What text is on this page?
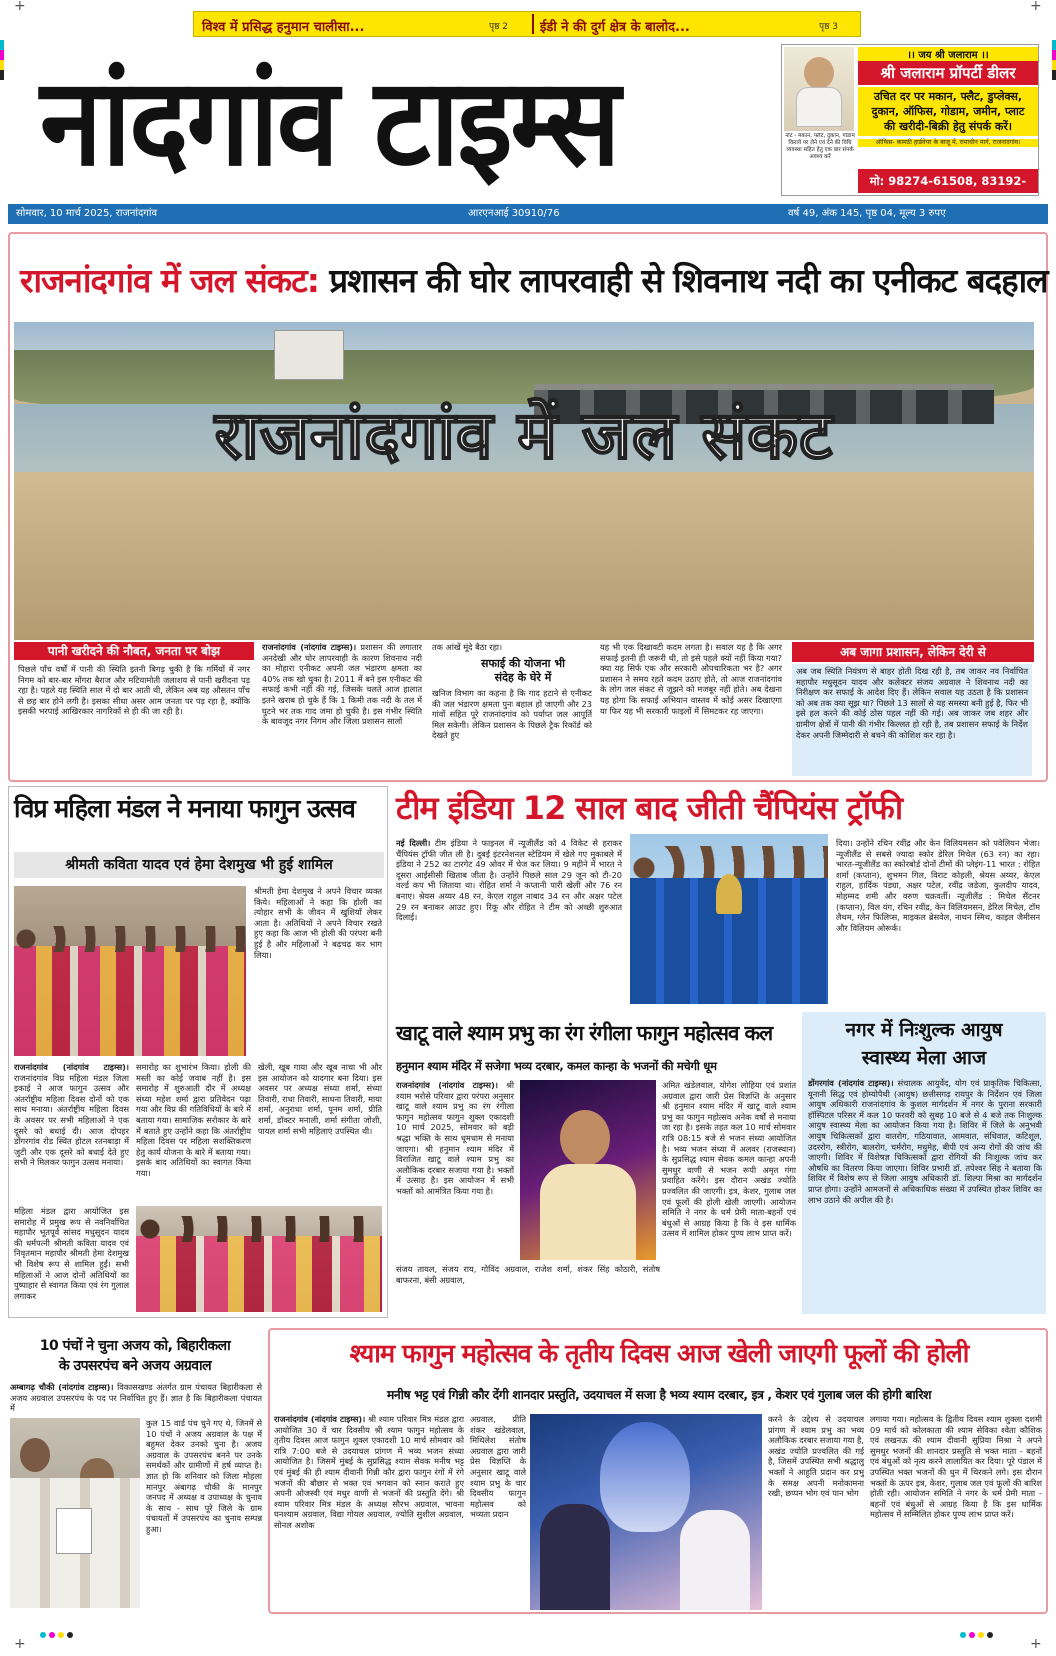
विश्व में प्रसिद्ध हनुमान चालीसा...	पृष्ठ 2 ईडी ने की दुर्ग क्षेत्र के बालोद...	पृष्ठ 3
+	+
+	+
नांदगांव टाइम्स	नोट - मकान, फ्लैट, दुकान, गोडाम किराये पर लेने एवं देने की विधि व्यवस्था सहित हेतु एक बार संपर्क अवश्य करें
।। जय श्री जलाराम ।।
श्री जलाराम प्रॉपर्टी डीलर
उचित दर पर मकान, फ्लैट, डुप्लेक्स,
दुकान, ऑफिस, गोडाम, जमीन, प्लाट
की खरीदी-बिक्री हेतु संपर्क करें।
ऑफिस- कामठी हार्डवेयर के बाजू में, रामाधीन मार्ग, राजनांदगांव।
मो: 98274-61508, 83192-
सोमवार, 10 मार्च 2025, राजनांदगांव	आरएनआई 30910/76	वर्ष 49, अंक 145, पृष्ठ 04, मूल्य 3 रुपए
राजनांदगांव में जल संकट: प्रशासन की घोर लापरवाही से शिवनाथ नदी का एनीकट बदहाल
राजनांदगांव में जल संकट
पानी खरीदने की नौबत, जनता पर बोझ
पिछले पाँच वर्षों में पानी की स्थिति इतनी बिगड़ चुकी है कि गर्मियों में नगर निगम को बार-बार मोंगरा बैराज और मटियामोती जलाशय से पानी खरीदना पड़ रहा है। पहले यह स्थिति साल में दो बार आती थी, लेकिन अब यह औसतन पाँच से छह बार होने लगी है। इसका सीधा असर आम जनता पर पड़ रहा है, क्योंकि इसकी भरपाई आखिरकार नागरिकों से ही की जा रही है।
राजनांदगांव (नांदगांव टाइम्स)। प्रशासन की लगातार अनदेखी और घोर लापरवाही के कारण शिवनाथ नदी का मोहारा एनीकट अपनी जल भंडारण क्षमता का 40% तक खो चुका है। 2011 में बने इस एनीकट की सफाई कभी नहीं की गई, जिसके चलते आज हालात इतने खराब हो चुके हैं कि 1 किमी तक नदी के तल में घुटने भर तक गाद जमा हो चुकी है। इस गंभीर स्थिति के बावजूद नगर निगम और जिला प्रशासन सालों
तक आंखें मूंदे बैठा रहा।
सफाई की योजना भी संदेह के घेरे में
खनिज विभाग का कहना है कि गाद हटाने से एनीकट की जल भंडारण क्षमता पुनः बहाल हो जाएगी और 23 गांवों सहित पूरे राजनांदगांव को पर्याप्त जल आपूर्ति मिल सकेगी। लेकिन प्रशासन के पिछले ट्रैक रिकॉर्ड को देखते हुए
यह भी एक दिखावटी कदम लगता है। सवाल यह है कि अगर सफाई इतनी ही जरूरी थी, तो इसे पहले क्यों नहीं किया गया? क्या यह सिर्फ एक और सरकारी औपचारिकता भर है? अगर प्रशासन ने समय रहते कदम उठाए होते, तो आज राजनांदगांव के लोग जल संकट से जूझने को मजबूर नहीं होते। अब देखना यह होगा कि सफाई अभियान वास्तव में कोई असर दिखाएगा या फिर यह भी सरकारी फाइलों में सिमटकर रह जाएगा।
अब जागा प्रशासन, लेकिन देरी से
अब जब स्थिति नियंत्रण से बाहर होती दिख रही है, तब जाकर नव निर्वाचित महापौर मधुसूदन यादव और कलेक्टर संजय अग्रवाल ने शिवनाथ नदी का निरीक्षण कर सफाई के आदेश दिए हैं। लेकिन सवाल यह उठता है कि प्रशासन को अब तक क्या सूझ था? पिछले 13 सालों से यह समस्या बनी हुई है, फिर भी इसे हल करने की कोई ठोस पहल नहीं की गई। अब जाकर जब शहर और ग्रामीण क्षेत्रों में पानी की गंभीर किल्लत हो रही है, तब प्रशासन सफाई के निर्देश देकर अपनी जिम्मेदारी से बचने की कोशिश कर रहा है।
विप्र महिला मंडल ने मनाया फागुन उत्सव
श्रीमती कविता यादव एवं हेमा देशमुख भी हुई शामिल
श्रीमती हेमा देशमुख ने अपने विचार व्यक्त किये। महिलाओं ने कहा कि होली का त्योहार सभी के जीवन में खुशियाँ लेकर आता है। अतिथियों ने अपने विचार रखते हुए कहा कि आज भी होली की परंपरा बनी हुई है और महिलाओं ने बढ़चढ़ कर भाग लिया।
राजनांदगांव (नांदगांव टाइम्स)। राजनांदगांव विप्र महिला मंडल जिला इकाई ने आज फागुन उत्सव और अंतर्राष्ट्रीय महिला दिवस दोनों को एक साथ मनाया। अंतर्राष्ट्रीय महिला दिवस के अवसर पर सभी महिलाओं ने एक दूसरे को बधाई दी। आज दोपहर डोंगरगांव रोड स्थित होटल रतनबाड़ा में जुटी और एक दूसरे को बधाई देते हुए सभी ने मिलकर फागुन उत्सव मनाया।
समारोह का शुभारंभ किया। होली की मस्ती का कोई जवाब नहीं है। इस समारोह में शुरुआती दौर में अध्यक्ष संध्या महेश शर्मा द्वारा प्रतिवेदन पढ़ा गया और विप्र की गतिविधियों के बारे में बताया गया। सामाजिक सरोकार के बारे में बताते हुए उन्होंने कहा कि अंतर्राष्ट्रीय महिला दिवस पर महिला सशक्तिकरण हेतु कार्य योजना के बारे में बताया गया। इसके बाद अतिथियों का स्वागत किया गया।
खेली, खूब गाया और खूब नाचा भी और इस आयोजन को यादगार बना दिया। इस अवसर पर अध्यक्ष संध्या शर्मा, संध्या तिवारी, राधा तिवारी, साधना तिवारी, माया शर्मा, अनुराधा शर्मा, पूनम शर्मा, प्रीति शर्मा, डॉक्टर मनाली, शर्मा संगीता जोशी, पायल शर्मा सभी महिलाएं उपस्थित थी।
महिला मंडल द्वारा आयोजित इस समारोह में प्रमुख रूप से नवनिर्वाचित महापौर भूतपूर्व सांसद मधुसूदन यादव की धर्मपत्नी श्रीमती कविता यादव एवं निवृतमान महापौर श्रीमती हेमा देशमुख भी विशेष रूप से शामिल हुईं। सभी महिलाओं ने आज दोनों अतिथियों का पुष्पाहार से स्वागत किया एवं रंग गुलाल लगाकर
टीम इंडिया 12 साल बाद जीती चैंपियंस ट्रॉफी
नई दिल्ली। टीम इंडिया ने फाइनल में न्यूजीलैंड को 4 विकेट से हराकर चैंपियंस ट्रॉफी जीत ली है। दुबई इंटरनेशनल स्टेडियम में खेले गए मुकाबले में इंडिया ने 252 का टारगेट 49 ओवर में चेज कर लिया। 9 महीने में भारत ने दूसरा आईसीसी खिताब जीता है। उन्होंने पिछले साल 29 जून को टी-20 वर्ल्ड कप भी जिताया था। रोहित शर्मा ने कप्तानी पारी खेली और 76 रन बनाए। श्रेयस अय्यर 48 रन, केएल राहुल नाबाद 34 रन और अक्षर पटेल 29 रन बनाकर आउट हुए। रिंकू और रोहित ने टीम को अच्छी शुरुआत दिलाई।
दिया। उन्होंने रचिन रवींद्र और केन विलियमसन को पवेलियन भेजा। न्यूजीलैंड से सबसे ज्यादा स्कोर डेरिल मिचेल (63 रन) का रहा। भारत-न्यूजीलैंड का स्कोरबोर्ड दोनों टीमों की प्लेइंग-11 भारत : रोहित शर्मा (कप्तान), शुभमन गिल, विराट कोहली, श्रेयस अय्यर, केएल राहुल, हार्दिक पंड्या, अक्षर पटेल, रवींद्र जडेजा, कुलदीप यादव, मोहम्मद शमी और वरुण चक्रवर्ती। न्यूजीलैंड : मिचेल सैंटनर (कप्तान), विल यंग, रचिन रवींद्र, केन विलियमसन, डेरिल मिचेल, टॉम लैथम, ग्लेन फिलिप्स, माइकल ब्रेसवेल, नाथन स्मिथ, काइल जैमीसन और विलियम ओरूर्क।
खाटू वाले श्याम प्रभु का रंग रंगीला फागुन महोत्सव कल
हनुमान श्याम मंदिर में सजेगा भव्य दरबार, कमल कान्हा के भजनों की मचेगी धूम
राजनांदगांव (नांदगांव टाइम्स)। श्री श्याम भरोसे परिवार द्वारा परंपरा अनुसार खाटू वाले श्याम प्रभु का रंग रंगीला फागुन महोत्सव फागुन शुक्ल एकादशी 10 मार्च 2025, सोमवार को बड़ी श्रद्धा भक्ति के साथ धूमधाम से मनाया जाएगा। श्री हनुमान श्याम मंदिर में विराजित खाटू वाले श्याम प्रभु का अलौकिक दरबार सजाया गया है। भक्तों में उत्साह है। इस आयोजन में सभी भक्तों को आमंत्रित किया गया है।
संजय तायल, संजय राय, गोविंद अग्रवाल, राजेश शर्मा, शंकर सिंह कोठारी, संतोष बाफरना, बंसी अग्रवाल,
अमित खंडेलवाल, योगेश लोहिया एवं प्रशांत अग्रवाल द्वारा जारी प्रेस विज्ञप्ति के अनुसार श्री हनुमान श्याम मंदिर में खाटू वाले श्याम प्रभु का फागुन महोत्सव अनेक वर्षों से मनाया जा रहा है। इसके तहत कल 10 मार्च सोमवार रात्रि 08:15 बजे से भजन संध्या आयोजित है। भव्य भजन संध्या में अलवर (राजस्थान) के सुप्रसिद्ध श्याम सेवक कमल कान्हा अपनी सुमधुर वाणी से भजन रूपी अमृत गंगा प्रवाहित करेंगे। इस दौरान अखंड ज्योति प्रज्वलित की जाएगी। इत्र, केशर, गुलाब जल एवं फूलों की होली खेली जाएगी। आयोजन समिति ने नगर के धर्म प्रेमी माता-बहनों एवं बंधुओं से आग्रह किया है कि वे इस धार्मिक उत्सव में शामिल होकर पुण्य लाभ प्राप्त करें।
नगर में निःशुल्क आयुष
स्वास्थ्य मेला आज
डोंगरगांव (नांदगांव टाइम्स)। संचालक आयुर्वेद, योग एवं प्राकृतिक चिकित्सा, यूनानी सिद्ध एवं होम्योपैथी (आयुष) छत्तीसगढ़ रायपुर के निर्देशन एवं जिला आयुष अधिकारी राजनांदगांव के कुशल मार्गदर्शन में नगर के पुराना सरकारी हॉस्पिटल परिसर में कल 10 फरवरी को सुबह 10 बजे से 4 बजे तक निःशुल्क आयुष स्वास्थ्य मेला का आयोजन किया गया है। शिविर में जिले के अनुभवी आयुष चिकित्सकों द्वारा वातरोग, गठियावात, आमवात, संधिवात, कटिशूल, उदररोग, स्त्रीरोग, बालरोग, चर्मरोग, मधुमेह, बीपी एवं अन्य रोगों की जांच की जाएगी। शिविर में विशेषज्ञ चिकित्सकों द्वारा रोगियों की निःशुल्क जांच कर औषधि का वितरण किया जाएगा। शिविर प्रभारी डॉ. तपेश्वर सिंह ने बताया कि शिविर में विशेष रूप से जिला आयुष अधिकारी डॉ. शिल्पा मिश्रा का मार्गदर्शन प्राप्त होगा। उन्होंने आमजनों से अधिकाधिक संख्या में उपस्थित होकर शिविर का लाभ उठाने की अपील की है।
10 पंचों ने चुना अजय को, बिहारीकला
के उपसरपंच बने अजय अग्रवाल
अम्बागढ़ चौकी (नांदगांव टाइम्स)। विकासखण्ड अंतर्गत ग्राम पंचायत बिहारीकला से अजय अग्रवाल उपसरपंच के पद पर निर्वाचित हुए हैं। ज्ञात है कि बिहारीकला पंचायत में
कुल 15 वार्ड पंच चुने गए थे, जिनमें से 10 पंचों ने अजय अग्रवाल के पक्ष में बहुमत देकर उनको चुना है। अजय अग्रवाल के उपसरपंच बनने पर उनके समर्थकों और ग्रामीणों में हर्ष व्याप्त है। ज्ञात हो कि शनिवार को जिला मोहला मानपुर अंबागढ़ चौकी के मानपुर जनपद में अध्यक्ष व उपाध्यक्ष के चुनाव के साथ - साथ पूरे जिले के ग्राम पंचायतों में उपसरपंच का चुनाव सम्पन्न हुआ।
श्याम फागुन महोत्सव के तृतीय दिवस आज खेली जाएगी फूलों की होली
मनीष भट्ट एवं गिन्नी कौर देंगी शानदार प्रस्तुति, उदयाचल में सजा है भव्य श्याम दरबार, इत्र , केशर एवं गुलाब जल की होगी बारिश
राजनांदगांव (नांदगांव टाइम्स)। श्री श्याम परिवार मित्र मंडल द्वारा आयोजित 30 वें चार दिवसीय श्री श्याम फागुन महोत्सव के तृतीय दिवस आज फागुन शुक्ल एकादशी 10 मार्च सोमवार को रात्रि 7:00 बजे से उदयाचल प्रांगण में भव्य भजन संध्या आयोजित है। जिसमें मुंबई के सुप्रसिद्ध श्याम सेवक मनीष भट्ट एवं मुंबई की ही श्याम दीवानी गिन्नी कौर द्वारा फागुन रंगों में रंगे भजनों की बौछार से भक्त एवं भगवान को स्नान कराते हुए अपनी ओजस्वी एवं मधुर वाणी से भजनों की प्रस्तुति देंगे। श्री श्याम परिवार मित्र मंडल के अध्यक्ष सौरभ अग्रवाल, भावना घनश्याम अग्रवाल, विद्या गोयल अग्रवाल, ज्योति सुशील अग्रवाल, सोनल अशोक
अग्रवाल, प्रीति शंकर खंडेलवाल, मिथिलेश संतोष अग्रवाल द्वारा जारी प्रेस विज्ञप्ति के अनुसार खाटू वाले श्याम प्रभु के चार दिवसीय फागुन महोत्सव को भव्यता प्रदान
करने के उद्देश्य से उदयाचल प्रांगण में श्याम प्रभु का भव्य अलौकिक दरबार सजाया गया है, अखंड ज्योति प्रज्वलित की गई है, जिसमें उपस्थित सभी श्रद्धालु भक्तों ने आहुति प्रदान कर प्रभु के समक्ष अपनी मनोकामना रखी, छप्पन भोग एवं पान भोग
लगाया गया। महोत्सव के द्वितीय दिवस श्याम शुक्ला दशमी 09 मार्च को कोलकाता की श्याम सेविका श्वेता कौशिक एवं लखनऊ की श्याम दीवानी सुप्रिया मिश्रा ने अपने सुमधुर भजनों की शानदार प्रस्तुति से भक्त माता - बहनों एवं बंधुओं को नृत्य करने लालायित कर दिया। पूरे पंडाल में उपस्थित भक्त भजनों की धुन में थिरकने लगे। इस दौरान भक्तों के ऊपर इत्र, केशर, गुलाब जल एवं फूलों की बारिश होती रही। आयोजन समिति ने नगर के धर्म प्रेमी माता - बहनों एवं बंधुओं से आग्रह किया है कि इस धार्मिक महोत्सव में सम्मिलित होकर पुण्य लाभ प्राप्त करें।
